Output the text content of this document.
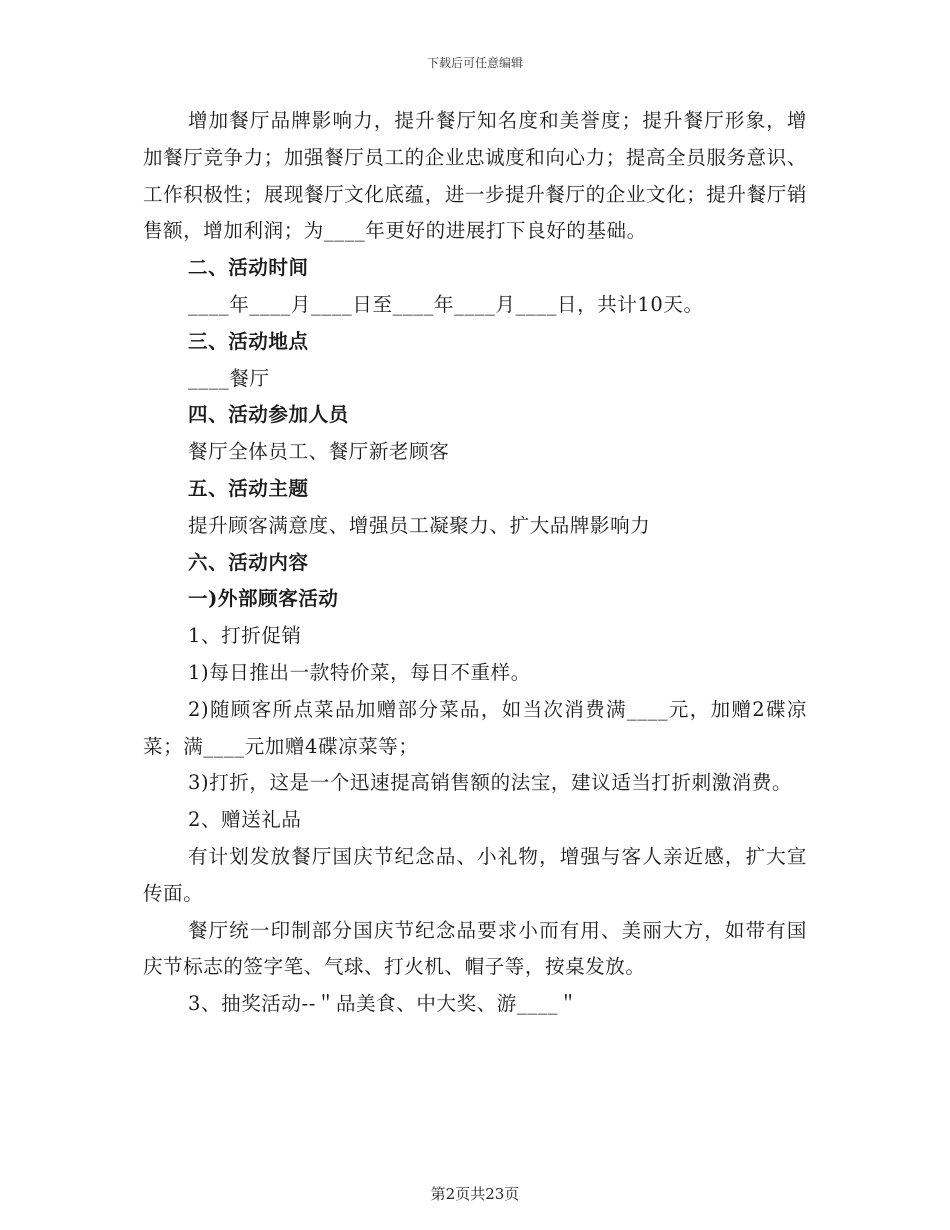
下载后可任意编辑

增加餐厅品牌影响力，提升餐厅知名度和美誉度；提升餐厅形象，增加餐厅竞争力；加强餐厅员工的企业忠诚度和向心力；提高全员服务意识、工作积极性；展现餐厅文化底蕴，进一步提升餐厅的企业文化；提升餐厅销售额，增加利润；为____年更好的进展打下良好的基础。

二、活动时间

____年____月____日至____年____月____日，共计10天。

三、活动地点

____餐厅

四、活动参加人员

餐厅全体员工、餐厅新老顾客

五、活动主题

提升顾客满意度、增强员工凝聚力、扩大品牌影响力

六、活动内容

一)外部顾客活动

1、打折促销

1)每日推出一款特价菜，每日不重样。

2)随顾客所点菜品加赠部分菜品，如当次消费满____元，加赠2碟凉菜；满____元加赠4碟凉菜等；

3)打折，这是一个迅速提高销售额的法宝，建议适当打折刺激消费。

2、赠送礼品

有计划发放餐厅国庆节纪念品、小礼物，增强与客人亲近感，扩大宣传面。

餐厅统一印制部分国庆节纪念品要求小而有用、美丽大方，如带有国庆节标志的签字笔、气球、打火机、帽子等，按桌发放。

3、抽奖活动--＂品美食、中大奖、游____＂

第2页共23页
